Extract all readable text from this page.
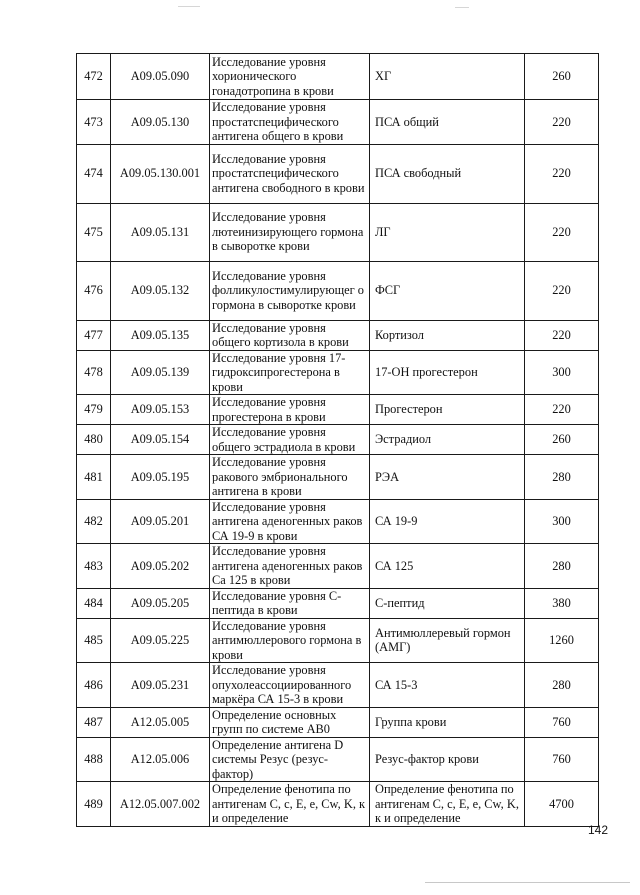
472	A09.05.090	Исследование уровня хорионического гонадотропина в крови	ХГ	260
473	A09.05.130	Исследование уровня простатспецифического антигена общего в крови	ПСА общий	220
474	A09.05.130.001	Исследование уровня простатспецифического антигена свободного в крови	ПСА свободный	220
475	A09.05.131	Исследование уровня лютеинизирующего гормона в сыворотке крови	ЛГ	220
476	A09.05.132	Исследование уровня фолликулостимулирующег о гормона в сыворотке крови	ФСГ	220
477	A09.05.135	Исследование уровня общего кортизола в крови	Кортизол	220
478	A09.05.139	Исследование уровня 17-гидроксипрогестерона в крови	17-ОН прогестерон	300
479	A09.05.153	Исследование уровня прогестерона в крови	Прогестерон	220
480	A09.05.154	Исследование уровня общего эстрадиола в крови	Эстрадиол	260
481	A09.05.195	Исследование уровня ракового эмбрионального антигена в крови	РЭА	280
482	A09.05.201	Исследование уровня антигена аденогенных раков СА 19-9 в крови	СА 19-9	300
483	A09.05.202	Исследование уровня антигена аденогенных раков Са 125 в крови	СА 125	280
484	A09.05.205	Исследование уровня С-пептида в крови	С-пептид	380
485	A09.05.225	Исследование уровня антимюллерового гормона в крови	Антимюллеревый гормон (АМГ)	1260
486	A09.05.231	Исследование уровня опухолеассоциированного маркёра СА 15-3 в крови	СА 15-3	280
487	A12.05.005	Определение основных групп по системе АВ0	Группа крови	760
488	A12.05.006	Определение антигена D системы Резус (резус-фактор)	Резус-фактор крови	760
489	A12.05.007.002	Определение фенотипа по антигенам С, с, Е, е, Cw, K, к и определение	Определение фенотипа по антигенам С, с, Е, е, Cw, K, к и определение	4700
142
